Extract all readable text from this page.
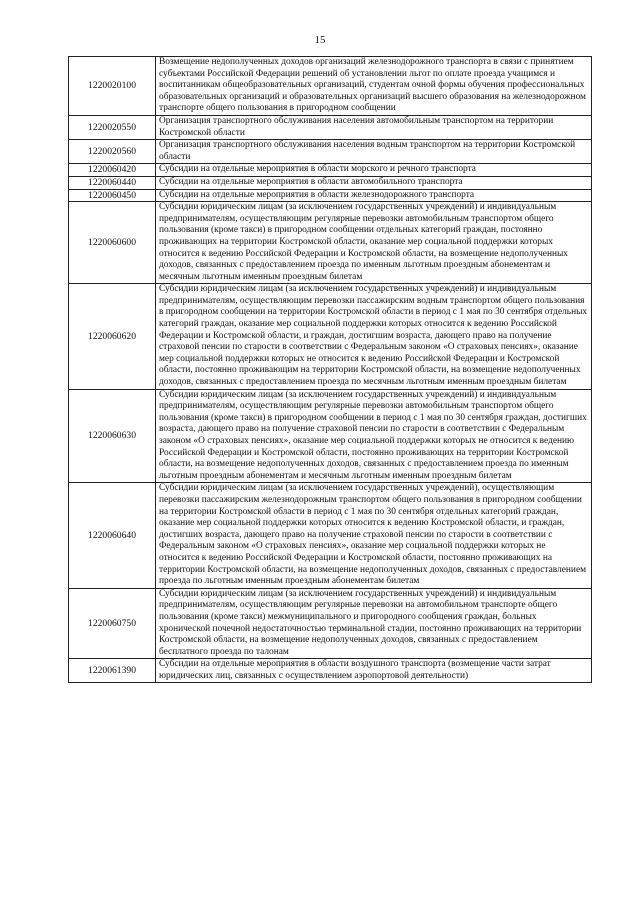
15
1220020100	Возмещение недополученных доходов организаций железнодорожного транспорта в связи с принятием субъектами Российской Федерации решений об установлении льгот по оплате проезда учащимся и воспитанникам общеобразовательных организаций, студентам очной формы обучения профессиональных образовательных организаций и образовательных организаций высшего образования на железнодорожном транспорте общего пользования в пригородном сообщении
1220020550	Организация транспортного обслуживания населения автомобильным транспортом на территории Костромской области
1220020560	Организация транспортного обслуживания населения водным транспортом на территории Костромской области
1220060420	Субсидии на отдельные мероприятия в области морского и речного транспорта
1220060440	Субсидии на отдельные мероприятия в области автомобильного транспорта
1220060450	Субсидии на отдельные мероприятия в области железнодорожного транспорта
1220060600	Субсидии юридическим лицам (за исключением государственных учреждений) и индивидуальным предпринимателям, осуществляющим регулярные перевозки автомобильным транспортом общего пользования (кроме такси) в пригородном сообщении отдельных категорий граждан, постоянно проживающих на территории Костромской области, оказание мер социальной поддержки которых относится к ведению Российской Федерации и Костромской области, на возмещение недополученных доходов, связанных с предоставлением проезда по именным льготным проездным абонементам и месячным льготным именным проездным билетам
1220060620	Субсидии юридическим лицам (за исключением государственных учреждений) и индивидуальным предпринимателям, осуществляющим перевозки пассажирским водным транспортом общего пользования в пригородном сообщении на территории Костромской области в период с 1 мая по 30 сентября отдельных категорий граждан, оказание мер социальной поддержки которых относится к ведению Российской Федерации и Костромской области, и граждан, достигшим возраста, дающего право на получение страховой пенсии по старости в соответствии с Федеральным законом «О страховых пенсиях», оказание мер социальной поддержки которых не относится к ведению Российской Федерации и Костромской области, постоянно проживающим на территории Костромской области, на возмещение недополученных доходов, связанных с предоставлением проезда по месячным льготным именным проездным билетам
1220060630	Субсидии юридическим лицам (за исключением государственных учреждений) и индивидуальным предпринимателям, осуществляющим регулярные перевозки автомобильным транспортом общего пользования (кроме такси) в пригородном сообщении в период с 1 мая по 30 сентября граждан, достигших возраста, дающего право на получение страховой пенсии по старости в соответствии с Федеральным законом «О страховых пенсиях», оказание мер социальной поддержки которых не относится к ведению Российской Федерации и Костромской области, постоянно проживающих на территории Костромской области, на возмещение недополученных доходов, связанных с предоставлением проезда по именным льготным проездным абонементам и месячным льготным именным проездным билетам
1220060640	Субсидии юридическим лицам (за исключением государственных учреждений), осуществляющим перевозки пассажирским железнодорожным транспортом общего пользования в пригородном сообщении на территории Костромской области в период с 1 мая по 30 сентября отдельных категорий граждан, оказание мер социальной поддержки которых относится к ведению Костромской области, и граждан, достигших возраста, дающего право на получение страховой пенсии по старости в соответствии с Федеральным законом «О страховых пенсиях», оказание мер социальной поддержки которых не относится к ведению Российской Федерации и Костромской области, постоянно проживающих на территории Костромской области, на возмещение недополученных доходов, связанных с предоставлением проезда по льготным именным проездным абонементам билетам
1220060750	Субсидии юридическим лицам (за исключением государственных учреждений) и индивидуальным предпринимателям, осуществляющим регулярные перевозки на автомобильном транспорте общего пользования (кроме такси) межмуниципального и пригородного сообщения граждан, больных хронической почечной недостаточностью терминальной стадии, постоянно проживающих на территории Костромской области, на возмещение недополученных доходов, связанных с предоставлением бесплатного проезда по талонам
1220061390	Субсидии на отдельные мероприятия в области воздушного транспорта (возмещение части затрат юридических лиц, связанных с осуществлением аэропортовой деятельности)
